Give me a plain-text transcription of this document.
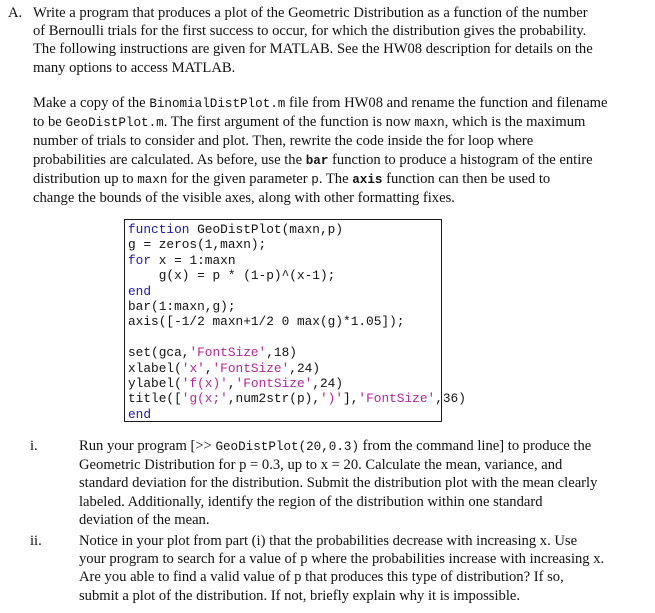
A. Write a program that produces a plot of the Geometric Distribution as a function of the number
of Bernoulli trials for the first success to occur, for which the distribution gives the probability.
The following instructions are given for MATLAB. See the HW08 description for details on the
many options to access MATLAB.
Make a copy of the BinomialDistPlot.m file from HW08 and rename the function and filename
to be GeoDistPlot.m. The first argument of the function is now maxn, which is the maximum
number of trials to consider and plot. Then, rewrite the code inside the for loop where
probabilities are calculated. As before, use the bar function to produce a histogram of the entire
distribution up to maxn for the given parameter p. The axis function can then be used to
change the bounds of the visible axes, along with other formatting fixes.
function GeoDistPlot(maxn,p)
g = zeros(1,maxn);
for x = 1:maxn
g(x) = p * (1-p)^(x-1);
end
bar(1:maxn,g);
axis([-1/2 maxn+1/2 0 max(g)*1.05]);
set(gca,'FontSize',18)
xlabel('x','FontSize',24)
ylabel('f(x)','FontSize',24)
title(['g(x;',num2str(p),')'],'FontSize',36)
end
i.	Run your program [>> GeoDistPlot(20,0.3) from the command line] to produce the
Geometric Distribution for p = 0.3, up to x = 20. Calculate the mean, variance, and
standard deviation for the distribution. Submit the distribution plot with the mean clearly
labeled. Additionally, identify the region of the distribution within one standard
deviation of the mean.
ii.	Notice in your plot from part (i) that the probabilities decrease with increasing x. Use
your program to search for a value of p where the probabilities increase with increasing x.
Are you able to find a valid value of p that produces this type of distribution? If so,
submit a plot of the distribution. If not, briefly explain why it is impossible.
